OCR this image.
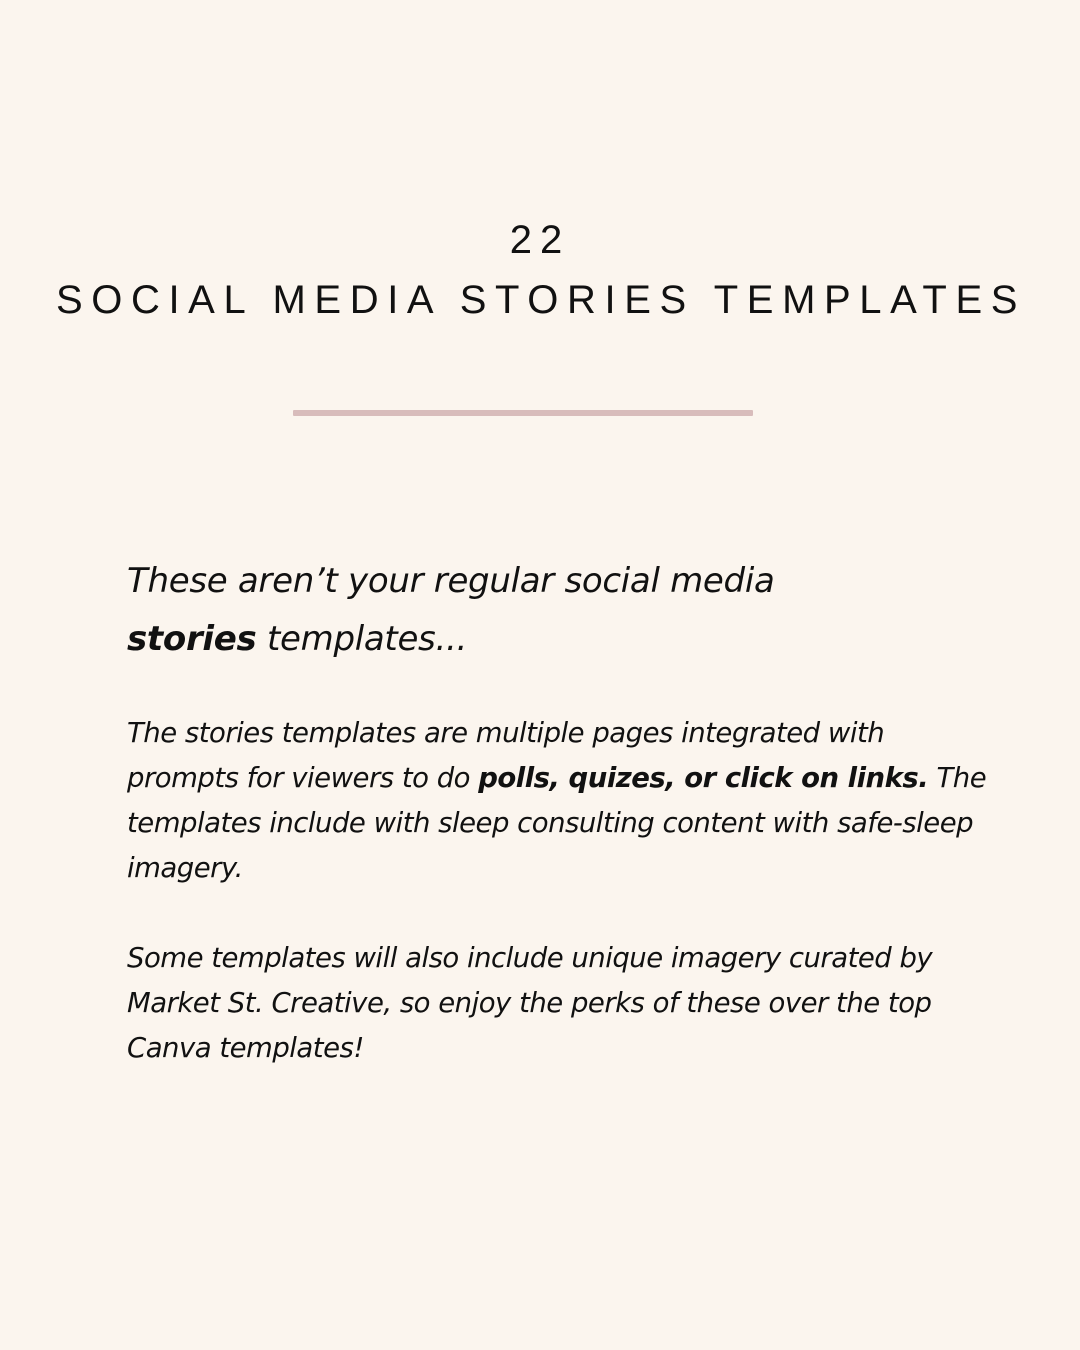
22
SOCIAL MEDIA STORIES TEMPLATES

These aren’t your regular social media
stories templates...

The stories templates are multiple pages integrated with prompts for viewers to do polls, quizes, or click on links. The templates include with sleep consulting content with safe-sleep imagery.

Some templates will also include unique imagery curated by Market St. Creative, so enjoy the perks of these over the top Canva templates!
